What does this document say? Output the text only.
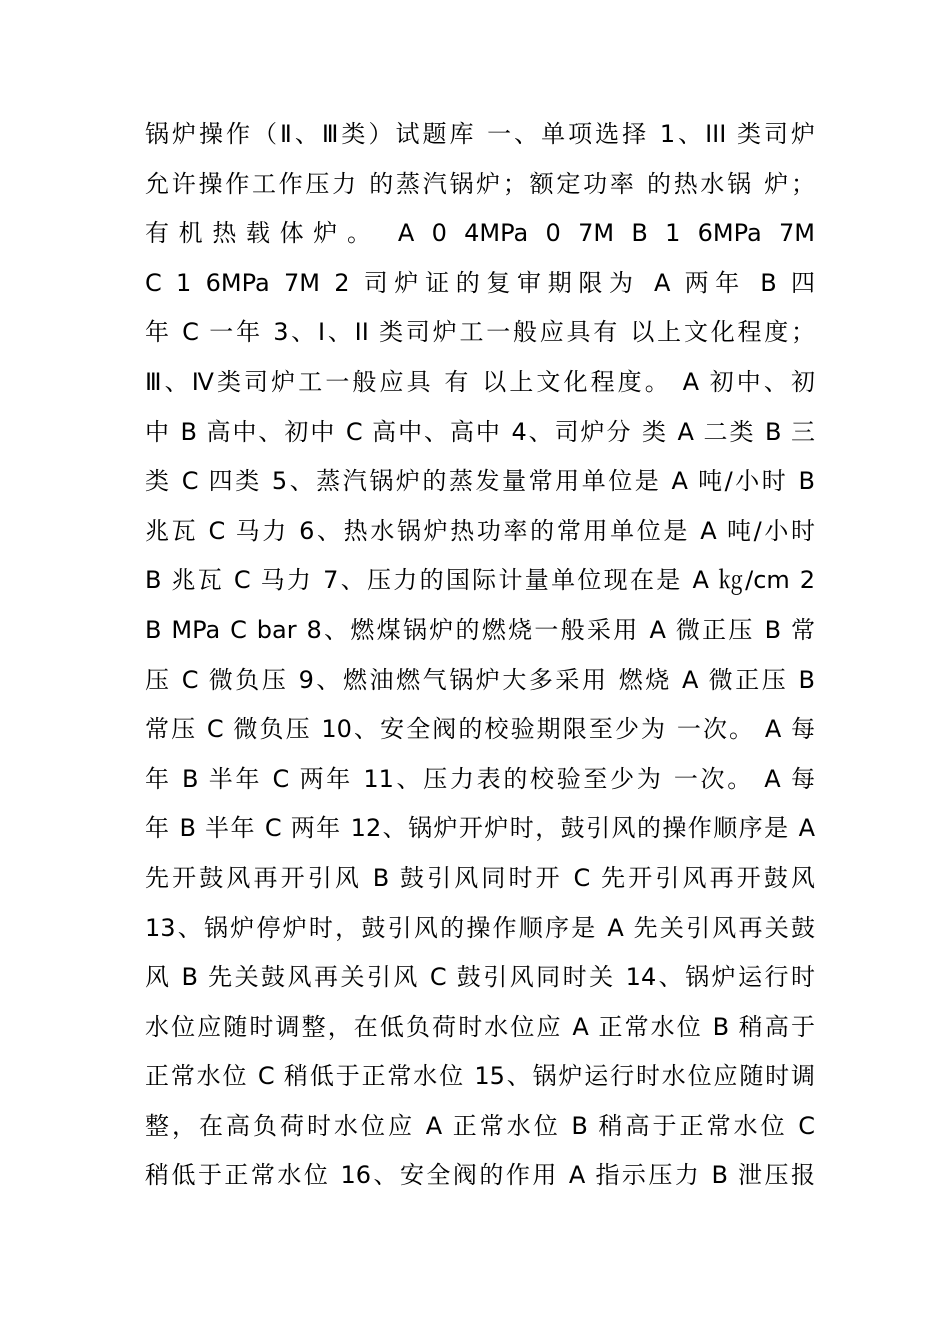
锅炉操作（Ⅱ、Ⅲ类）试题库 一、单项选择 1、III 类司炉
允许操作工作压力 的蒸汽锅炉；额定功率 的热水锅 炉；
有机热载体炉。 A 0 4MPa 0 7M B 1 6MPa 7M
C 1 6MPa 7M 2 司炉证的复审期限为 A 两年 B 四
年 C 一年 3、I、II 类司炉工一般应具有 以上文化程度；
Ⅲ、Ⅳ类司炉工一般应具 有 以上文化程度。 A 初中、初
中 B 高中、初中 C 高中、高中 4、司炉分 类 A 二类 B 三
类 C 四类 5、蒸汽锅炉的蒸发量常用单位是 A 吨/小时 B
兆瓦 C 马力 6、热水锅炉热功率的常用单位是 A 吨/小时
B 兆瓦 C 马力 7、压力的国际计量单位现在是 A ㎏/cm 2
B MPa C bar 8、燃煤锅炉的燃烧一般采用 A 微正压 B 常
压 C 微负压 9、燃油燃气锅炉大多采用 燃烧 A 微正压 B
常压 C 微负压 10、安全阀的校验期限至少为 一次。 A 每
年 B 半年 C 两年 11、压力表的校验至少为 一次。 A 每
年 B 半年 C 两年 12、锅炉开炉时，鼓引风的操作顺序是 A
先开鼓风再开引风 B 鼓引风同时开 C 先开引风再开鼓风
13、锅炉停炉时，鼓引风的操作顺序是 A 先关引风再关鼓
风 B 先关鼓风再关引风 C 鼓引风同时关 14、锅炉运行时
水位应随时调整，在低负荷时水位应 A 正常水位 B 稍高于
正常水位 C 稍低于正常水位 15、锅炉运行时水位应随时调
整，在高负荷时水位应 A 正常水位 B 稍高于正常水位 C
稍低于正常水位 16、安全阀的作用 A 指示压力 B 泄压报
